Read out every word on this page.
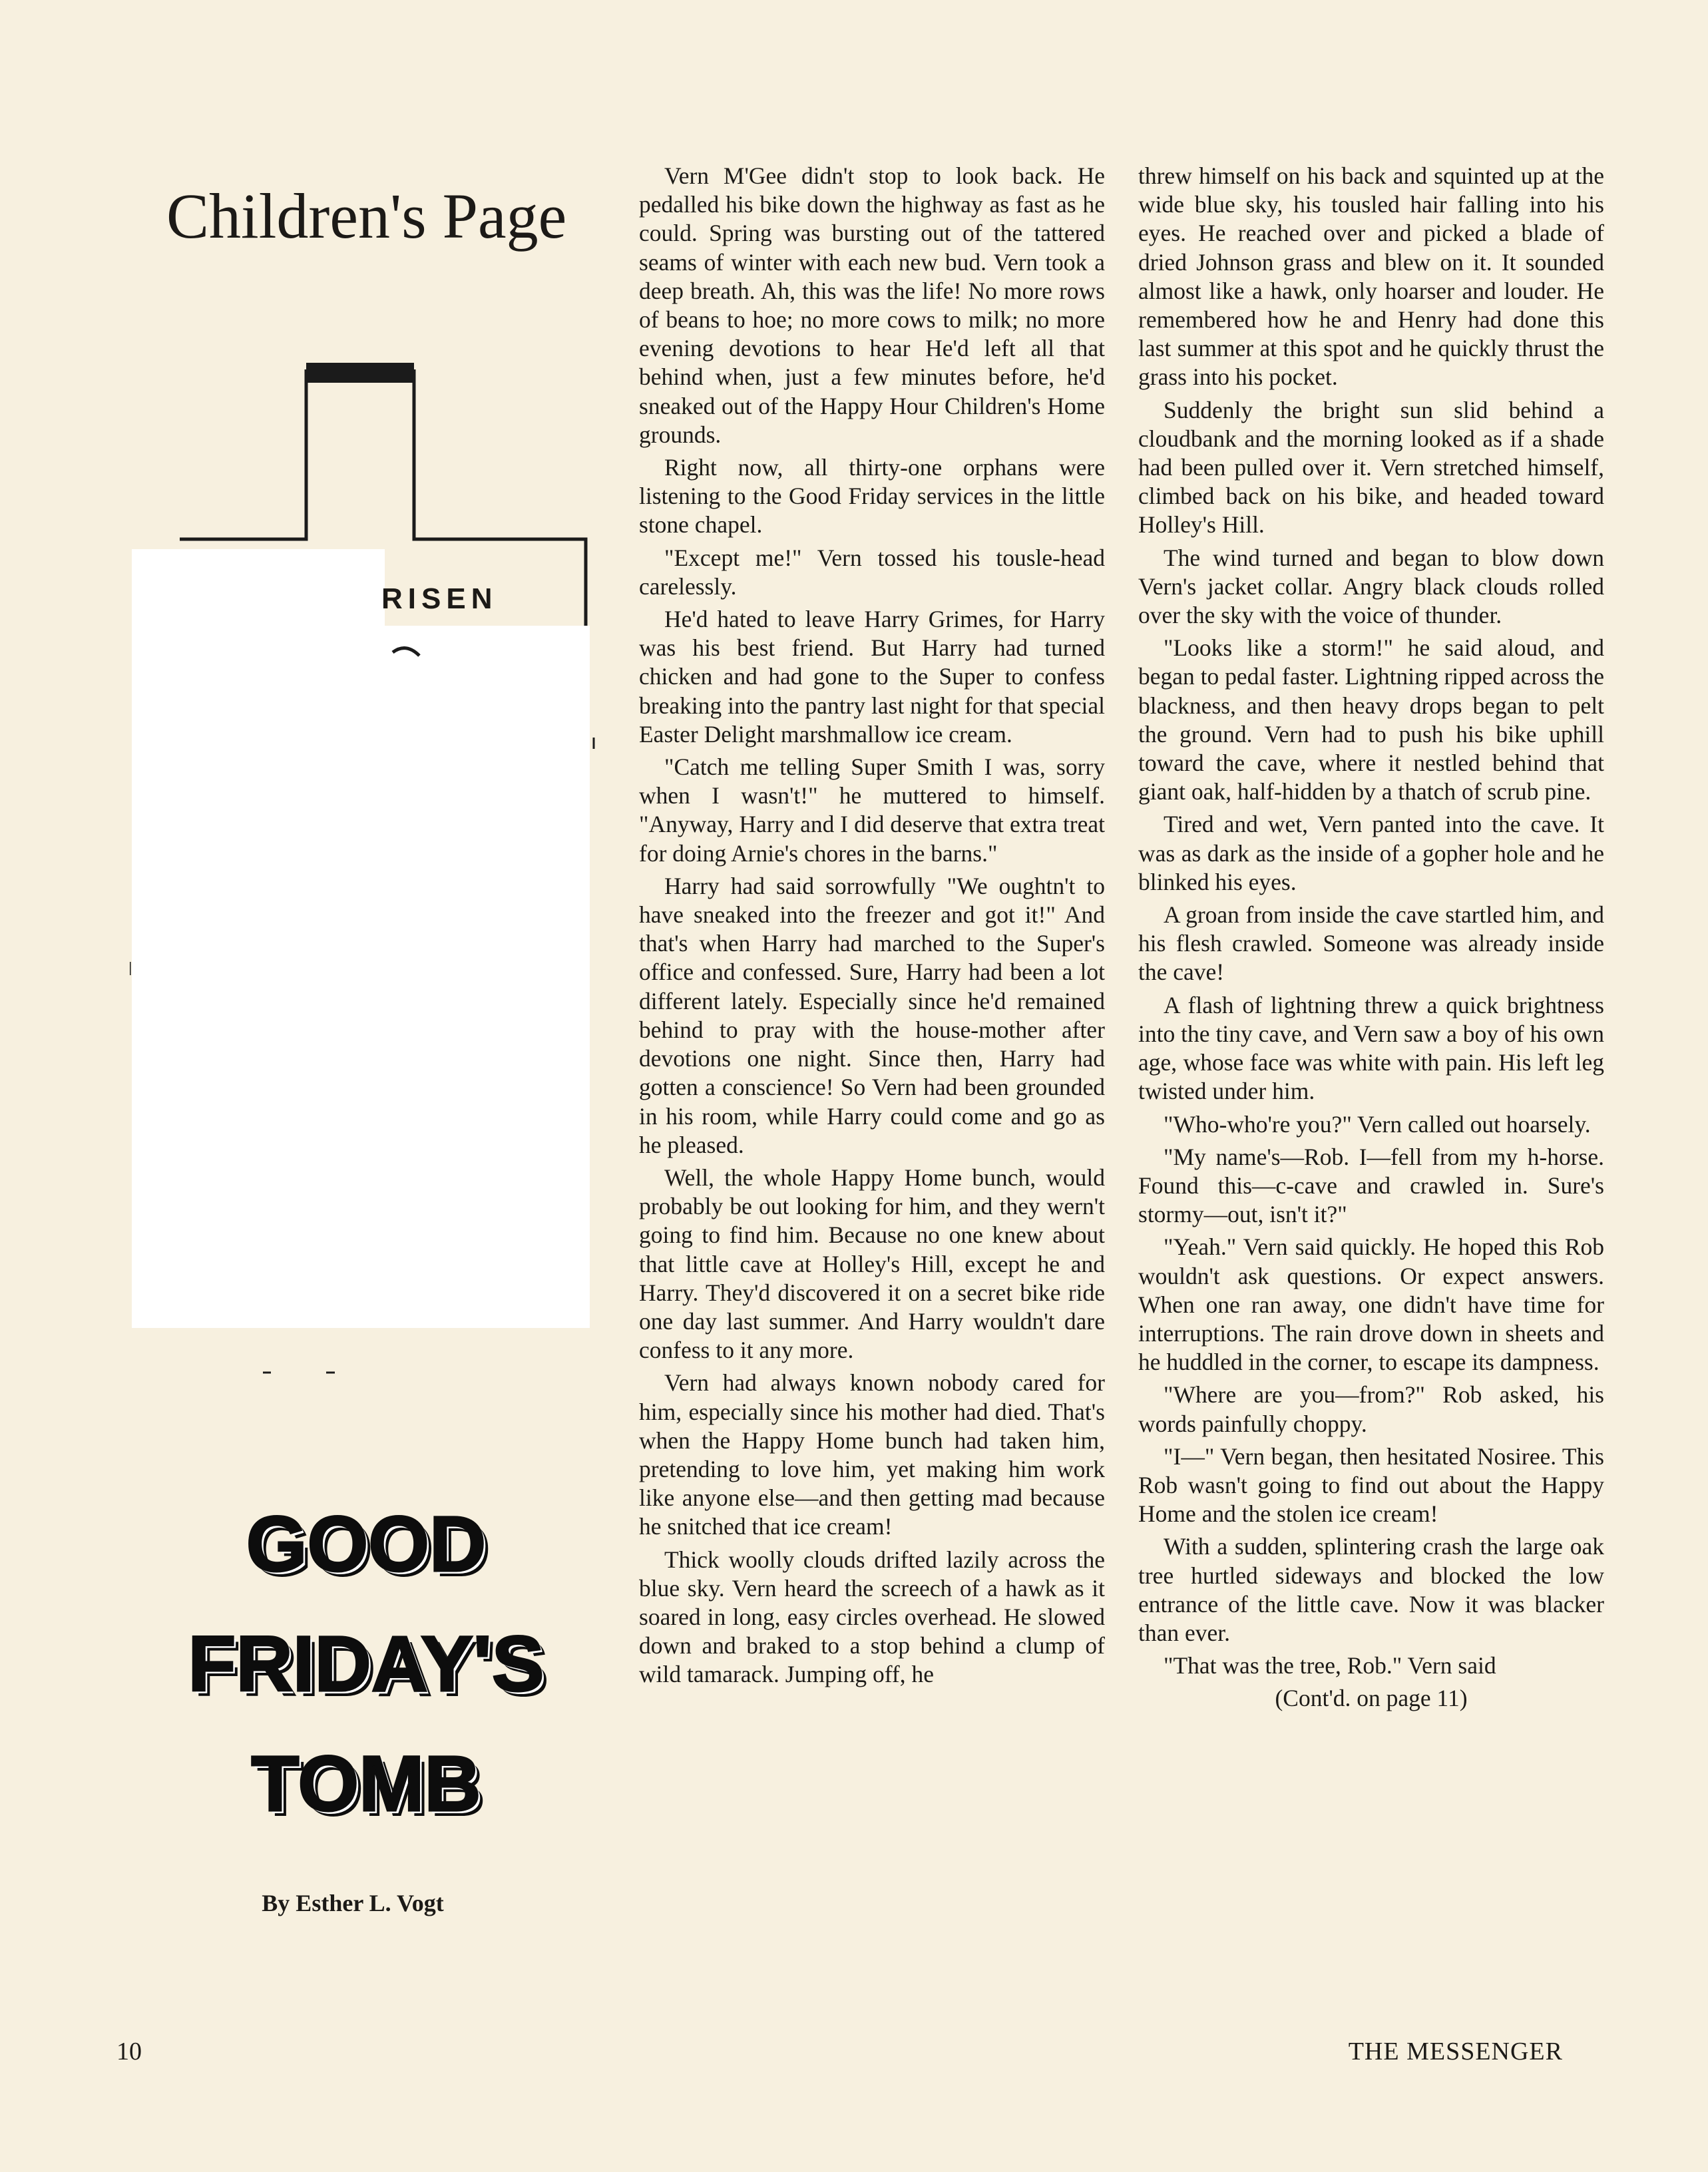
Children's Page
RISEN
GOOD
FRIDAY'S
TOMB
By Esther L. Vogt

Vern M'Gee didn't stop to look back. He pedalled his bike down the highway as fast as he could. Spring was bursting out of the tattered seams of winter with each new bud. Vern took a deep breath. Ah, this was the life! No more rows of beans to hoe; no more cows to milk; no more evening devotions to hear He'd left all that behind when, just a few minutes before, he'd sneaked out of the Happy Hour Children's Home grounds.

Right now, all thirty-one orphans were listening to the Good Friday services in the little stone chapel.

"Except me!" Vern tossed his tousle-head carelessly.

He'd hated to leave Harry Grimes, for Harry was his best friend. But Harry had turned chicken and had gone to the Super to confess breaking into the pantry last night for that special Easter Delight marshmallow ice cream.

"Catch me telling Super Smith I was, sorry when I wasn't!" he muttered to himself. "Anyway, Harry and I did deserve that extra treat for doing Arnie's chores in the barns."

Harry had said sorrowfully "We oughtn't to have sneaked into the freezer and got it!" And that's when Harry had marched to the Super's office and confessed. Sure, Harry had been a lot different lately. Especially since he'd remained behind to pray with the house-mother after devotions one night. Since then, Harry had gotten a conscience! So Vern had been grounded in his room, while Harry could come and go as he pleased.

Well, the whole Happy Home bunch, would probably be out looking for him, and they wern't going to find him. Because no one knew about that little cave at Holley's Hill, except he and Harry. They'd discovered it on a secret bike ride one day last summer. And Harry wouldn't dare confess to it any more.

Vern had always known nobody cared for him, especially since his mother had died. That's when the Happy Home bunch had taken him, pretending to love him, yet making him work like anyone else—and then getting mad because he snitched that ice cream!

Thick woolly clouds drifted lazily across the blue sky. Vern heard the screech of a hawk as it soared in long, easy circles overhead. He slowed down and braked to a stop behind a clump of wild tamarack. Jumping off, he

threw himself on his back and squinted up at the wide blue sky, his tousled hair falling into his eyes. He reached over and picked a blade of dried Johnson grass and blew on it. It sounded almost like a hawk, only hoarser and louder. He remembered how he and Henry had done this last summer at this spot and he quickly thrust the grass into his pocket.

Suddenly the bright sun slid behind a cloudbank and the morning looked as if a shade had been pulled over it. Vern stretched himself, climbed back on his bike, and headed toward Holley's Hill.

The wind turned and began to blow down Vern's jacket collar. Angry black clouds rolled over the sky with the voice of thunder.

"Looks like a storm!" he said aloud, and began to pedal faster. Lightning ripped across the blackness, and then heavy drops began to pelt the ground. Vern had to push his bike uphill toward the cave, where it nestled behind that giant oak, half-hidden by a thatch of scrub pine.

Tired and wet, Vern panted into the cave. It was as dark as the inside of a gopher hole and he blinked his eyes.

A groan from inside the cave startled him, and his flesh crawled. Someone was already inside the cave!

A flash of lightning threw a quick brightness into the tiny cave, and Vern saw a boy of his own age, whose face was white with pain. His left leg twisted under him.

"Who-who're you?" Vern called out hoarsely.

"My name's—Rob. I—fell from my h-horse. Found this—c-cave and crawled in. Sure's stormy—out, isn't it?"

"Yeah." Vern said quickly. He hoped this Rob wouldn't ask questions. Or expect answers. When one ran away, one didn't have time for interruptions. The rain drove down in sheets and he huddled in the corner, to escape its dampness.

"Where are you—from?" Rob asked, his words painfully choppy.

"I—" Vern began, then hesitated Nosiree. This Rob wasn't going to find out about the Happy Home and the stolen ice cream!

With a sudden, splintering crash the large oak tree hurtled sideways and blocked the low entrance of the little cave. Now it was blacker than ever.

"That was the tree, Rob." Vern said

(Cont'd. on page 11)

10	THE MESSENGER
